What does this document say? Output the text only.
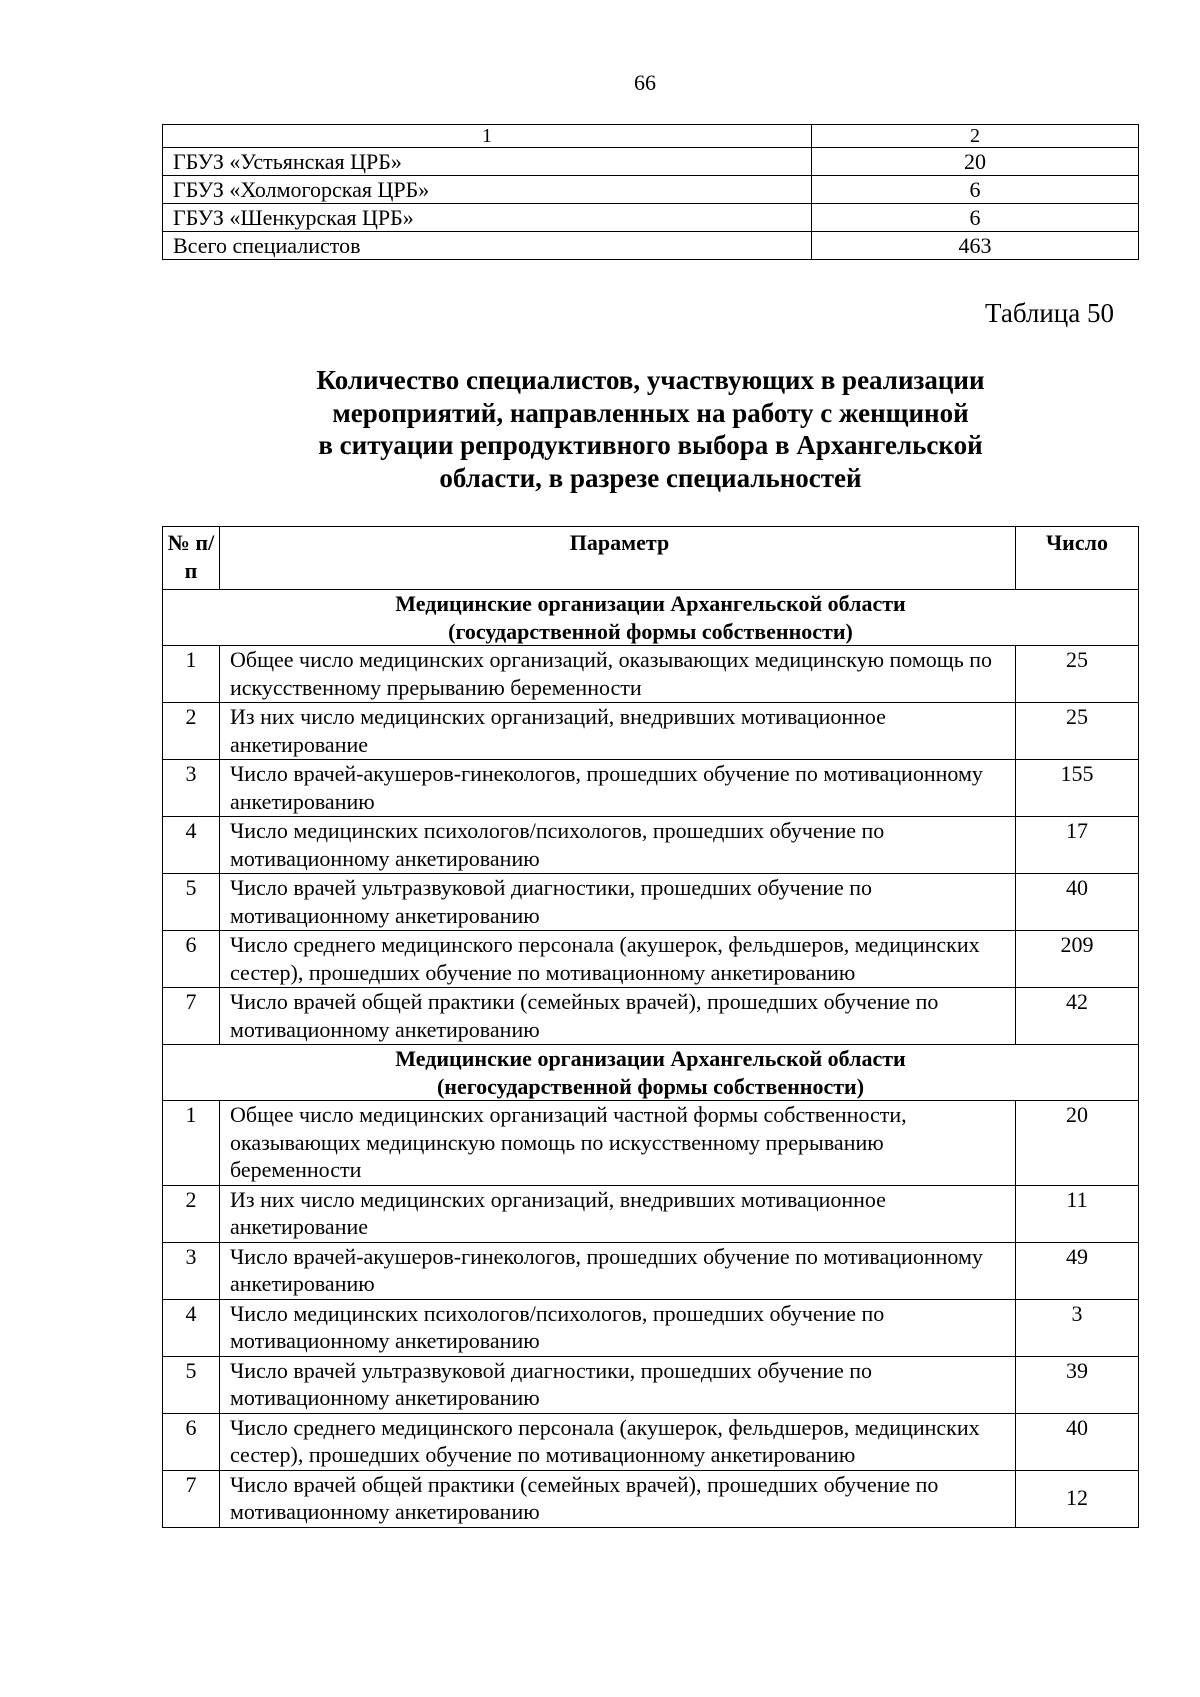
66
1	2
ГБУЗ «Устьянская ЦРБ»	20
ГБУЗ «Холмогорская ЦРБ»	6
ГБУЗ «Шенкурская ЦРБ»	6
Всего специалистов	463
Таблица 50
Количество специалистов, участвующих в реализации
мероприятий, направленных на работу с женщиной
в ситуации репродуктивного выбора в Архангельской
области, в разрезе специальностей
№ п/п	Параметр	Число

Медицинские организации Архангельской области
(государственной формы собственности)		

1	Общее число медицинских организаций, оказывающих медицинскую помощь по искусственному прерыванию беременности	25
2	Из них число медицинских организаций, внедривших мотивационное анкетирование	25
3	Число врачей-акушеров-гинекологов, прошедших обучение по мотивационному анкетированию	155
4	Число медицинских психологов/психологов, прошедших обучение по мотивационному анкетированию	17
5	Число врачей ультразвуковой диагностики, прошедших обучение по мотивационному анкетированию	40
6	Число среднего медицинского персонала (акушерок, фельдшеров, медицинских сестер), прошедших обучение по мотивационному анкетированию	209
7	Число врачей общей практики (семейных врачей), прошедших обучение по мотивационному анкетированию	42

Медицинские организации Архангельской области
(негосударственной формы собственности)		

1	Общее число медицинских организаций частной формы собственности, оказывающих медицинскую помощь по искусственному прерыванию беременности	20
2	Из них число медицинских организаций, внедривших мотивационное анкетирование	11
3	Число врачей-акушеров-гинекологов, прошедших обучение по мотивационному анкетированию	49
4	Число медицинских психологов/психологов, прошедших обучение по мотивационному анкетированию	3
5	Число врачей ультразвуковой диагностики, прошедших обучение по мотивационному анкетированию	39
6	Число среднего медицинского персонала (акушерок, фельдшеров, медицинских сестер), прошедших обучение по мотивационному анкетированию	40
7	Число врачей общей практики (семейных врачей), прошедших обучение по мотивационному анкетированию	12
